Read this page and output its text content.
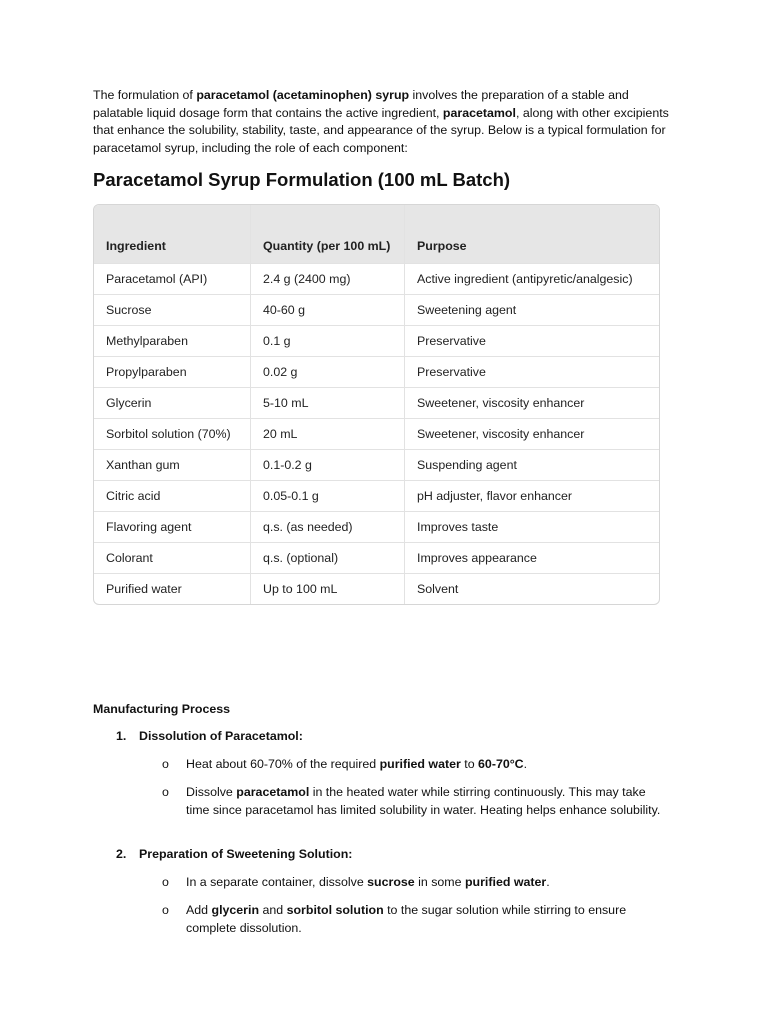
The formulation of paracetamol (acetaminophen) syrup involves the preparation of a stable and palatable liquid dosage form that contains the active ingredient, paracetamol, along with other excipients that enhance the solubility, stability, taste, and appearance of the syrup. Below is a typical formulation for paracetamol syrup, including the role of each component:

Paracetamol Syrup Formulation (100 mL Batch)
Ingredient	Quantity (per 100 mL)	Purpose
Paracetamol (API)	2.4 g (2400 mg)	Active ingredient (antipyretic/analgesic)
Sucrose	40-60 g	Sweetening agent
Methylparaben	0.1 g	Preservative
Propylparaben	0.02 g	Preservative
Glycerin	5-10 mL	Sweetener, viscosity enhancer
Sorbitol solution (70%)	20 mL	Sweetener, viscosity enhancer
Xanthan gum	0.1-0.2 g	Suspending agent
Citric acid	0.05-0.1 g	pH adjuster, flavor enhancer
Flavoring agent	q.s. (as needed)	Improves taste
Colorant	q.s. (optional)	Improves appearance
Purified water	Up to 100 mL	Solvent
Manufacturing Process
1. Dissolution of Paracetamol:
o Heat about 60-70% of the required purified water to 60-70°C.
o Dissolve paracetamol in the heated water while stirring continuously. This may take time since paracetamol has limited solubility in water. Heating helps enhance solubility.
2. Preparation of Sweetening Solution:
o In a separate container, dissolve sucrose in some purified water.
o Add glycerin and sorbitol solution to the sugar solution while stirring to ensure complete dissolution.
